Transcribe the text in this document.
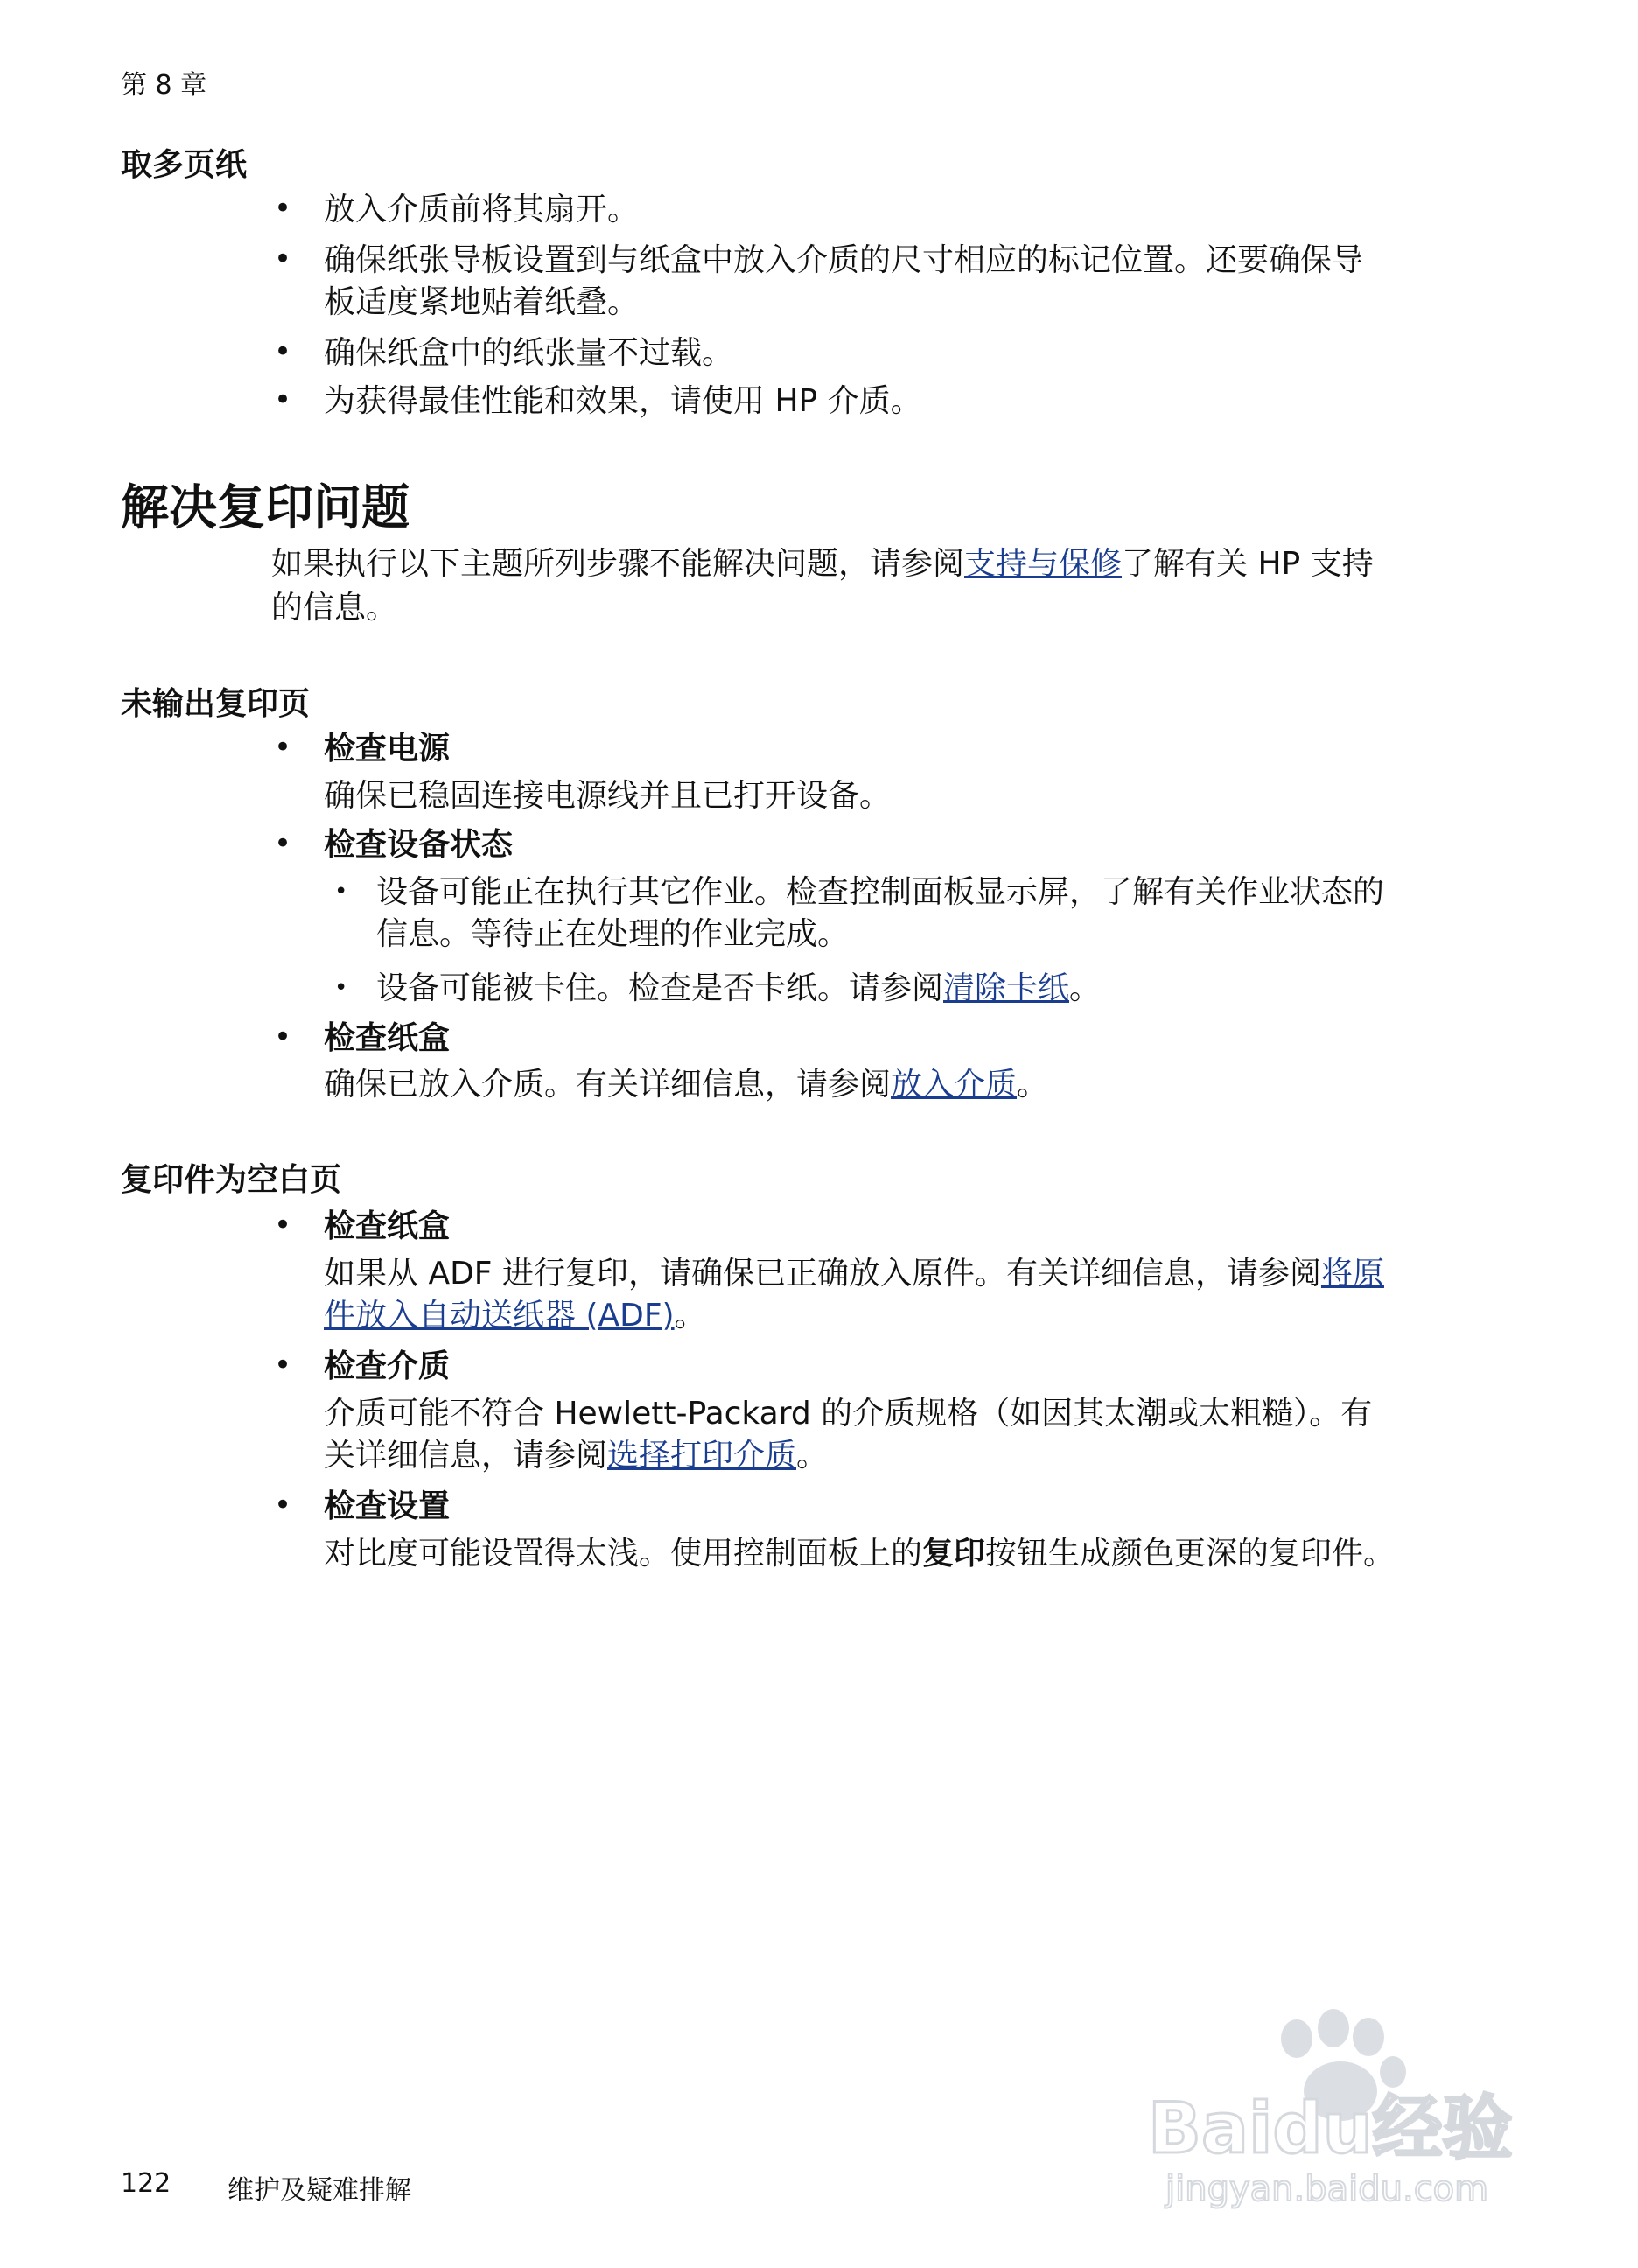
第 8 章
取多页纸
• 放入介质前将其扇开。
• 确保纸张导板设置到与纸盒中放入介质的尺寸相应的标记位置。还要确保导
板适度紧地贴着纸叠。
• 确保纸盒中的纸张量不过载。
• 为获得最佳性能和效果，请使用 HP 介质。
解决复印问题
如果执行以下主题所列步骤不能解决问题，请参阅支持与保修了解有关 HP 支持
的信息。
未输出复印页
• 检查电源
确保已稳固连接电源线并且已打开设备。
• 检查设备状态
• 设备可能正在执行其它作业。检查控制面板显示屏，了解有关作业状态的
信息。等待正在处理的作业完成。
• 设备可能被卡住。检查是否卡纸。请参阅清除卡纸。
• 检查纸盒
确保已放入介质。有关详细信息，请参阅放入介质。
复印件为空白页
• 检查纸盒
如果从 ADF 进行复印，请确保已正确放入原件。有关详细信息，请参阅将原
件放入自动送纸器 (ADF)。
• 检查介质
介质可能不符合 Hewlett-Packard 的介质规格（如因其太潮或太粗糙）。有
关详细信息，请参阅选择打印介质。
• 检查设置
对比度可能设置得太浅。使用控制面板上的复印按钮生成颜色更深的复印件。
122 维护及疑难排解
Baidu经验
jingyan.baidu.com
